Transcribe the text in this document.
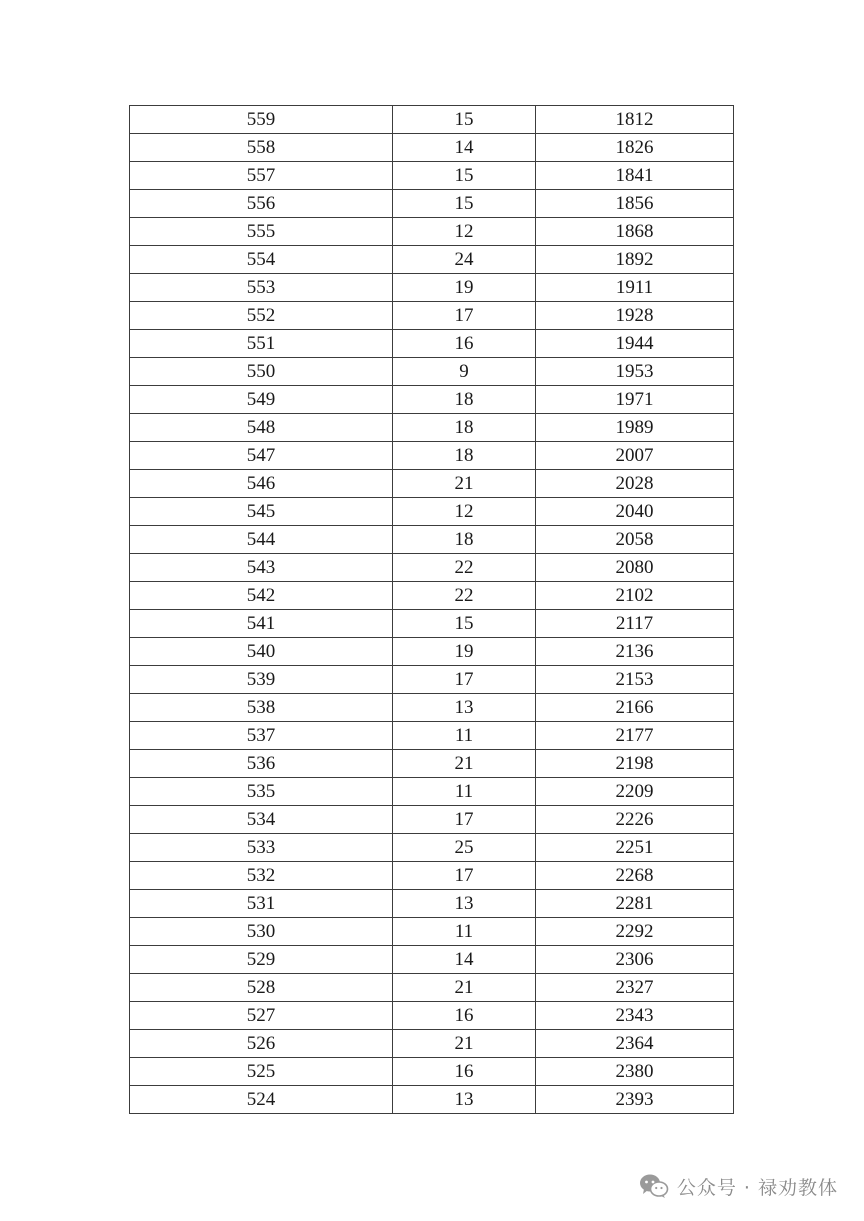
559	15	1812
558	14	1826
557	15	1841
556	15	1856
555	12	1868
554	24	1892
553	19	1911
552	17	1928
551	16	1944
550	9	1953
549	18	1971
548	18	1989
547	18	2007
546	21	2028
545	12	2040
544	18	2058
543	22	2080
542	22	2102
541	15	2117
540	19	2136
539	17	2153
538	13	2166
537	11	2177
536	21	2198
535	11	2209
534	17	2226
533	25	2251
532	17	2268
531	13	2281
530	11	2292
529	14	2306
528	21	2327
527	16	2343
526	21	2364
525	16	2380
524	13	2393
公众号 · 禄劝教体
